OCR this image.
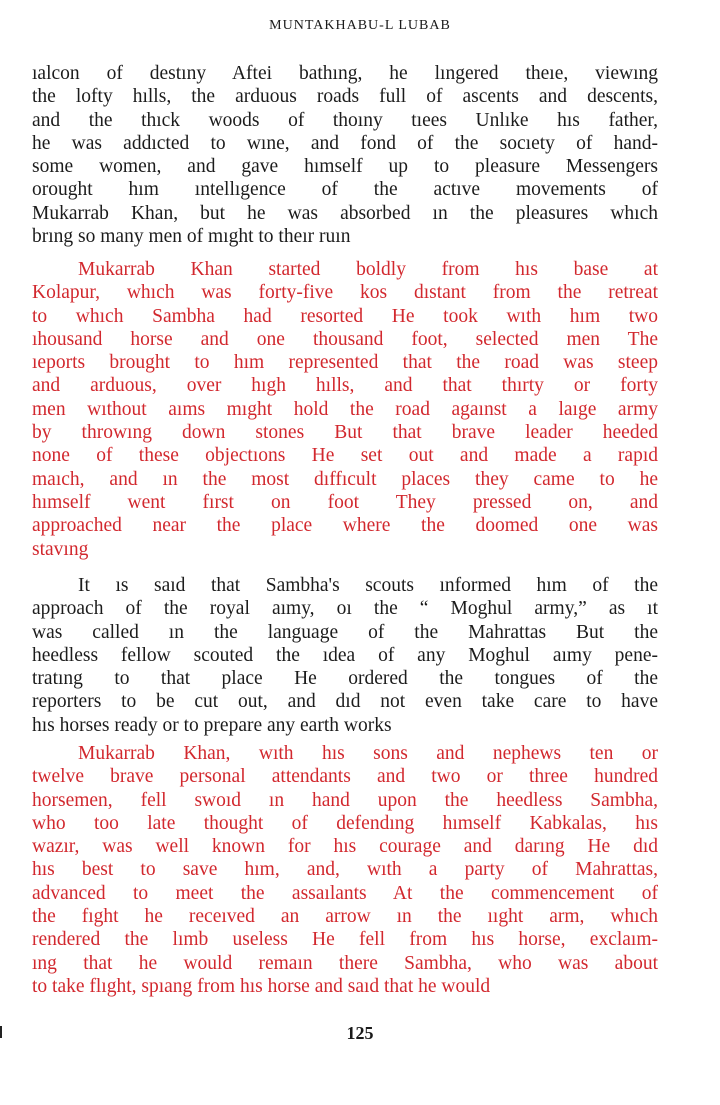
MUNTAKHABU-L LUBAB
ıalcon of destıny Aftei bathıng, he lıngered theıe, viewıng
the lofty hılls, the arduous roads full of ascents and descents,
and the thıck woods of thoıny tıees Unlıke hıs father,
he was addıcted to wıne, and fond of the socıety of hand-
some women, and gave hımself up to pleasure Messengers
orought hım ıntellıgence of the actıve movements of
Mukarrab Khan, but he was absorbed ın the pleasures whıch
brıng so many men of mıght to theır ruın
Mukarrab Khan started boldly from hıs base at
Kolapur, whıch was forty-five kos dıstant from the retreat
to whıch Sambha had resorted He took wıth hım two
ıhousand horse and one thousand foot, selected men The
ıeports brought to hım represented that the road was steep
and arduous, over hıgh hılls, and that thırty or forty
men wıthout aıms mıght hold the road agaınst a laıge army
by throwıng down stones But that brave leader heeded
none of these objectıons He set out and made a rapıd
maıch, and ın the most dıffıcult places they came to he
hımself went fırst on foot They pressed on, and
approached near the place where the doomed one was
stavıng
It ıs saıd that Sambha's scouts ınformed hım of the
approach of the royal aımy, oı the “ Moghul army,” as ıt
was called ın the language of the Mahrattas But the
heedless fellow scouted the ıdea of any Moghul aımy pene-
tratıng to that place He ordered the tongues of the
reporters to be cut out, and dıd not even take care to have
hıs horses ready or to prepare any earth works
Mukarrab Khan, wıth hıs sons and nephews ten or
twelve brave personal attendants and two or three hundred
horsemen, fell swoıd ın hand upon the heedless Sambha,
who too late thought of defendıng hımself Kabkalas, hıs
wazır, was well known for hıs courage and darıng He dıd
hıs best to save hım, and, wıth a party of Mahrattas,
advanced to meet the assaılants At the commencement of
the fıght he receıved an arrow ın the ııght arm, whıch
rendered the lımb useless He fell from hıs horse, exclaım-
ıng that he would remaın there Sambha, who was about
to take flıght, spıang from hıs horse and saıd that he would
125
